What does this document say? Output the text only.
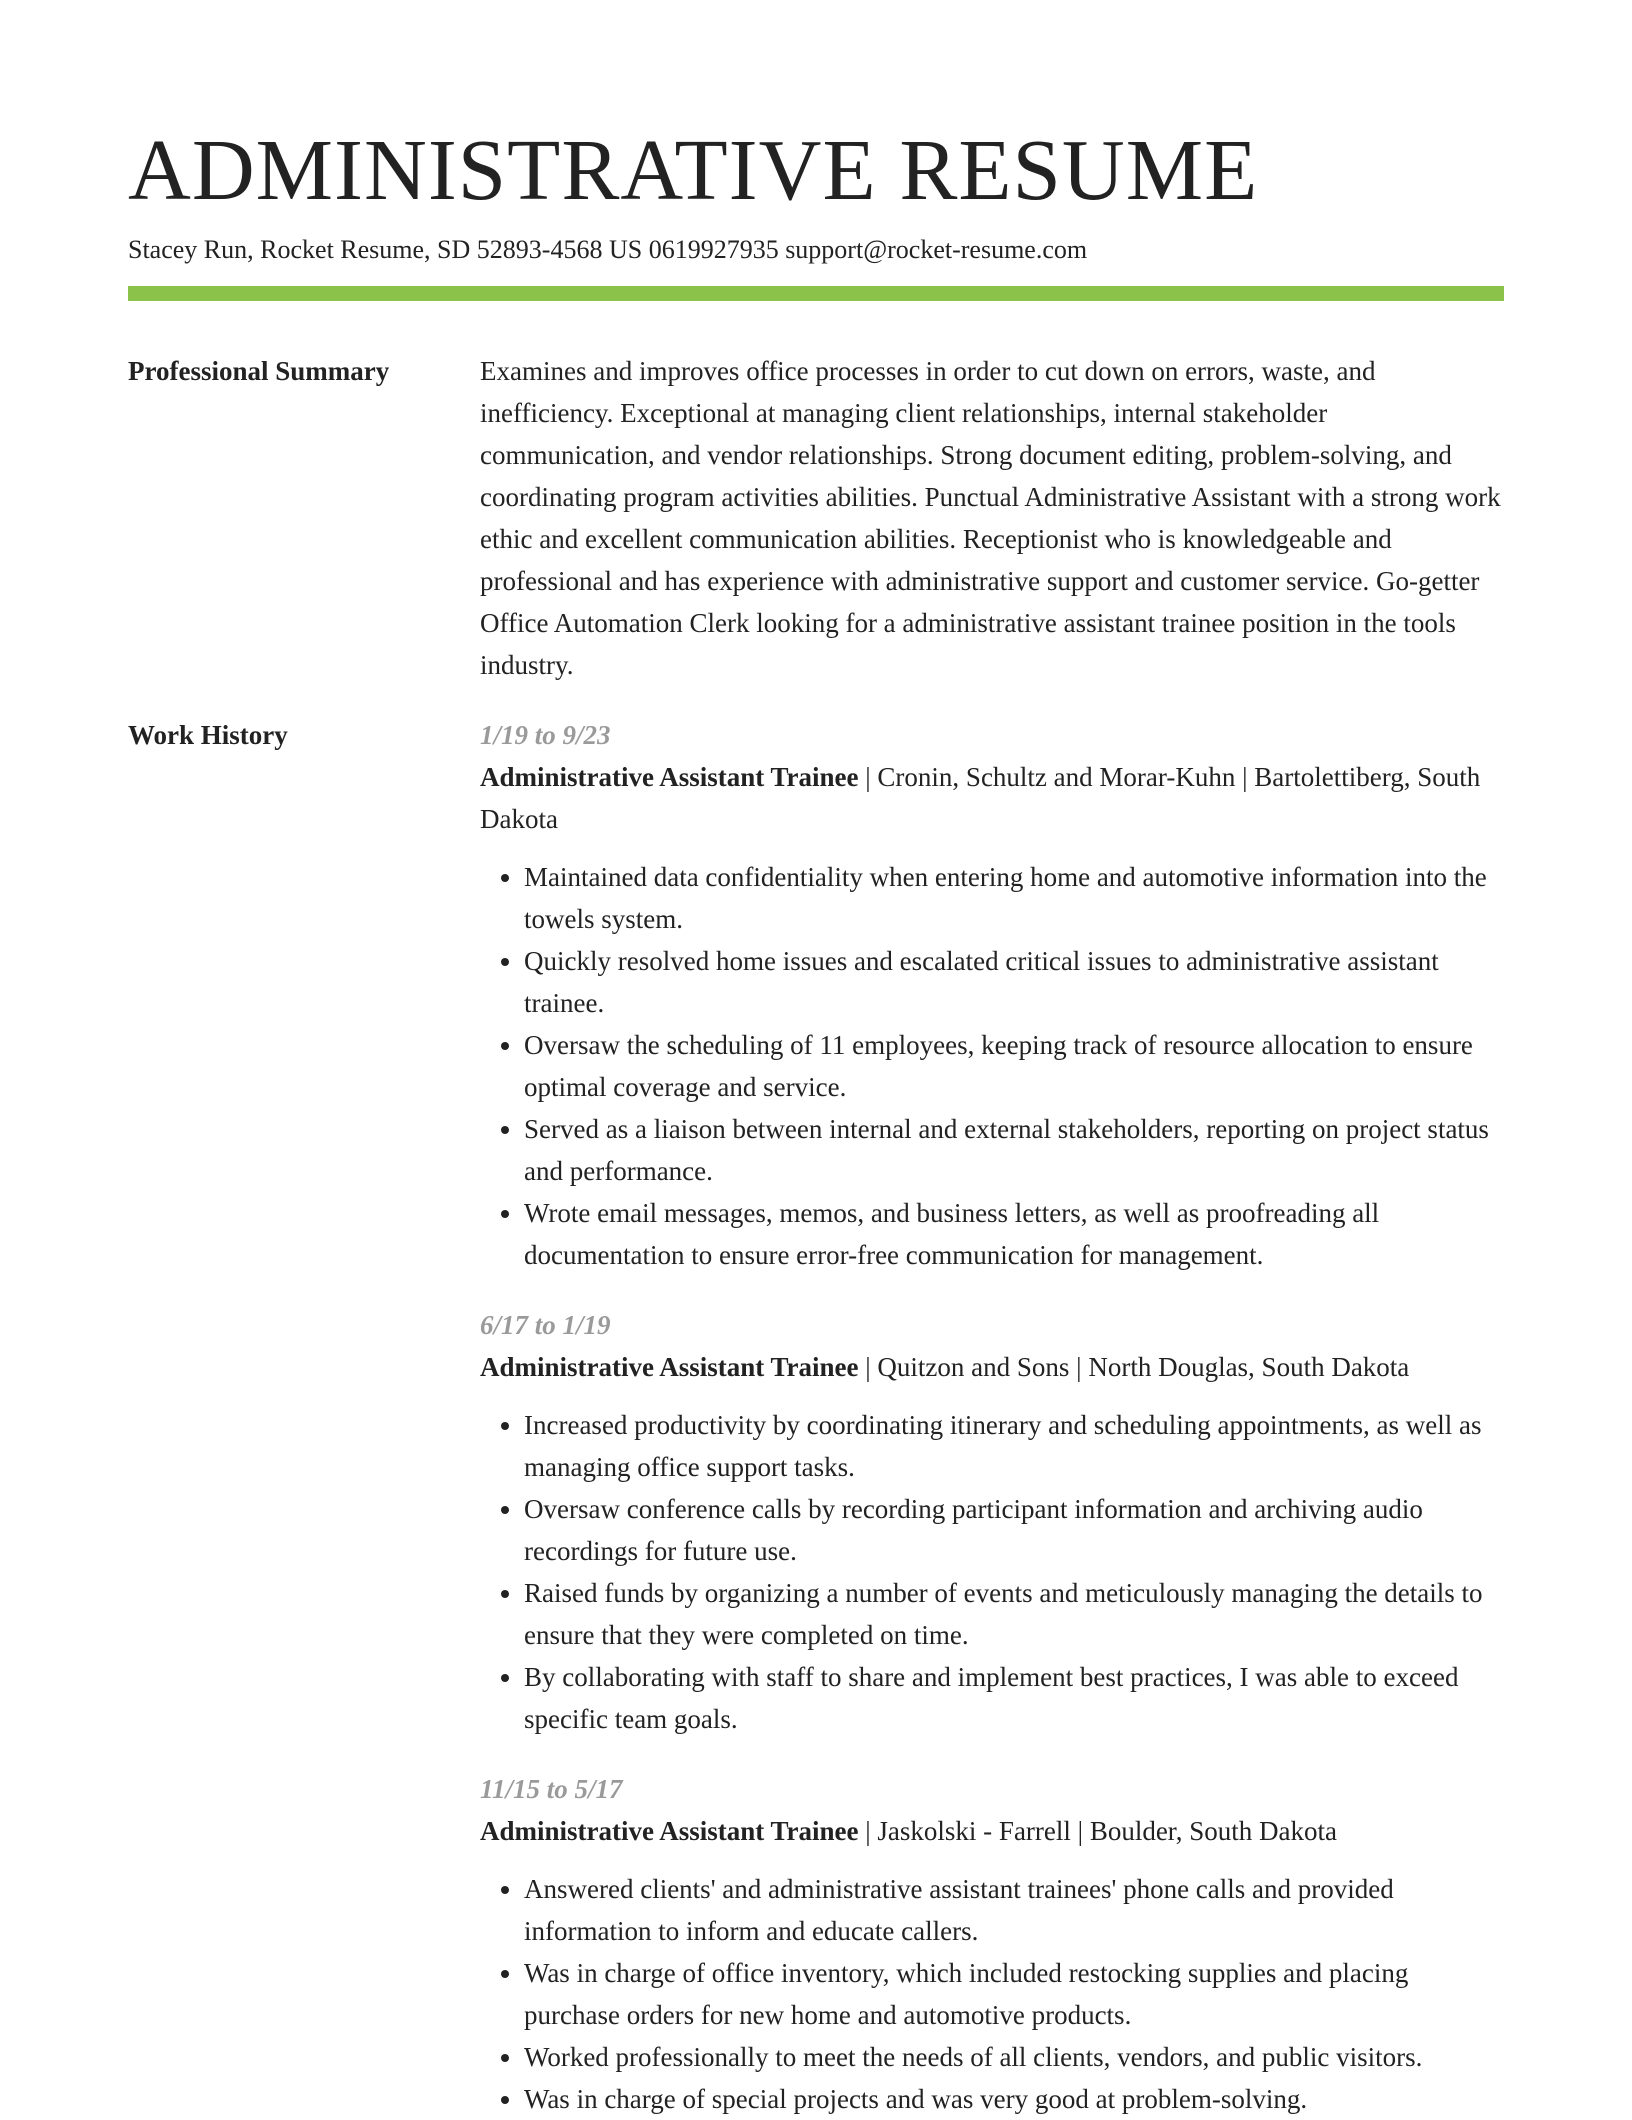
ADMINISTRATIVE RESUME
Stacey Run, Rocket Resume, SD 52893-4568 US 0619927935 support@rocket-resume.com
Professional Summary	Examines and improves office processes in order to cut down on errors, waste, and inefficiency. Exceptional at managing client relationships, internal stakeholder communication, and vendor relationships. Strong document editing, problem-solving, and coordinating program activities abilities. Punctual Administrative Assistant with a strong work ethic and excellent communication abilities. Receptionist who is knowledgeable and professional and has experience with administrative support and customer service. Go-getter Office Automation Clerk looking for a administrative assistant trainee position in the tools industry.

Work History	1/19 to 9/23
Administrative Assistant Trainee | Cronin, Schultz and Morar-Kuhn | Bartolettiberg, South Dakota
• Maintained data confidentiality when entering home and automotive information into the towels system.
• Quickly resolved home issues and escalated critical issues to administrative assistant trainee.
• Oversaw the scheduling of 11 employees, keeping track of resource allocation to ensure optimal coverage and service.
• Served as a liaison between internal and external stakeholders, reporting on project status and performance.
• Wrote email messages, memos, and business letters, as well as proofreading all documentation to ensure error-free communication for management.
6/17 to 1/19
Administrative Assistant Trainee | Quitzon and Sons | North Douglas, South Dakota
• Increased productivity by coordinating itinerary and scheduling appointments, as well as managing office support tasks.
• Oversaw conference calls by recording participant information and archiving audio recordings for future use.
• Raised funds by organizing a number of events and meticulously managing the details to ensure that they were completed on time.
• By collaborating with staff to share and implement best practices, I was able to exceed specific team goals.
11/15 to 5/17
Administrative Assistant Trainee | Jaskolski - Farrell | Boulder, South Dakota
• Answered clients' and administrative assistant trainees' phone calls and provided information to inform and educate callers.
• Was in charge of office inventory, which included restocking supplies and placing purchase orders for new home and automotive products.
• Worked professionally to meet the needs of all clients, vendors, and public visitors.
• Was in charge of special projects and was very good at problem-solving.
